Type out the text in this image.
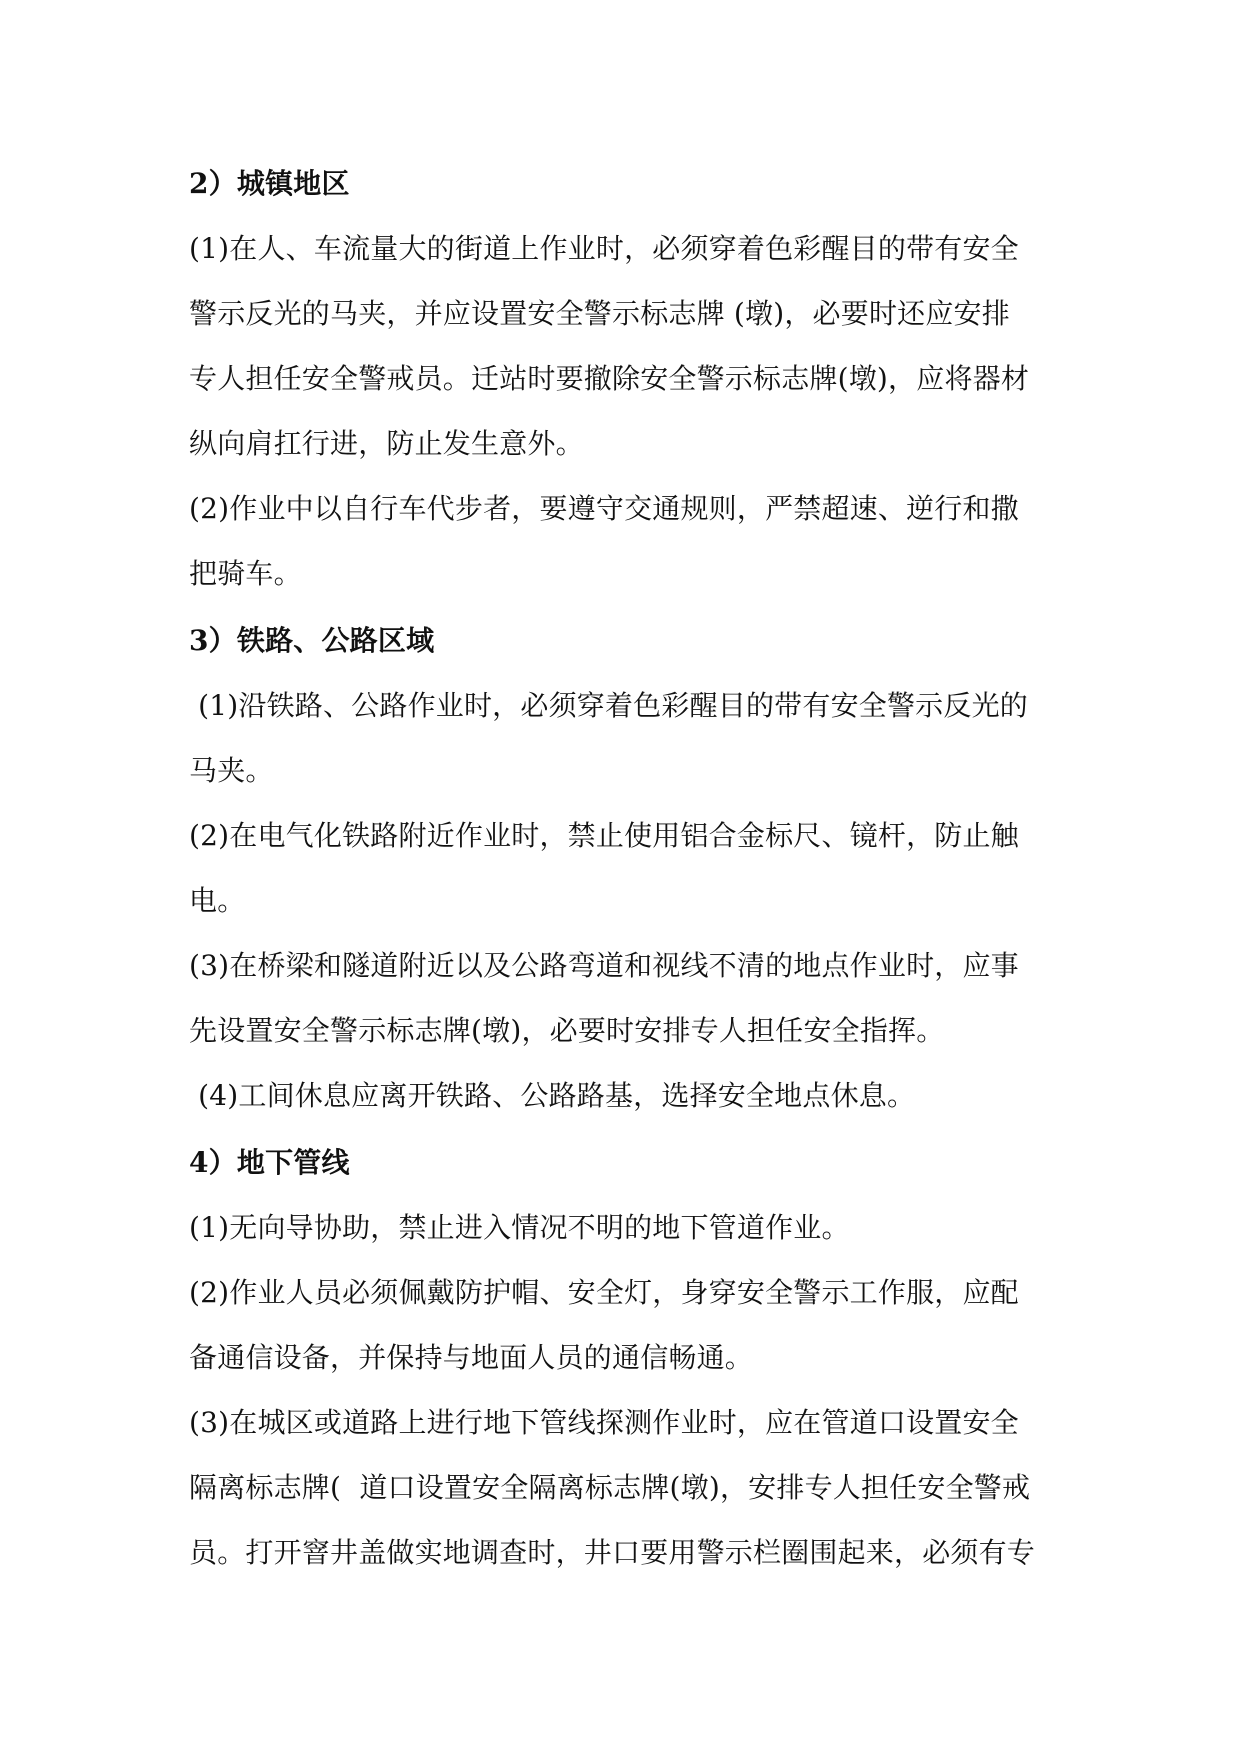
2）城镇地区
(1)在人、车流量大的街道上作业时，必须穿着色彩醒目的带有安全
警示反光的马夹，并应设置安全警示标志牌 (墩)，必要时还应安排
专人担任安全警戒员。迁站时要撤除安全警示标志牌(墩)，应将器材
纵向肩扛行进，防止发生意外。
(2)作业中以自行车代步者，要遵守交通规则，严禁超速、逆行和撒
把骑车。
3）铁路、公路区域
(1)沿铁路、公路作业时，必须穿着色彩醒目的带有安全警示反光的
马夹。
(2)在电气化铁路附近作业时，禁止使用铝合金标尺、镜杆，防止触
电。
(3)在桥梁和隧道附近以及公路弯道和视线不清的地点作业时，应事
先设置安全警示标志牌(墩)，必要时安排专人担任安全指挥。
(4)工间休息应离开铁路、公路路基，选择安全地点休息。
4）地下管线
(1)无向导协助，禁止进入情况不明的地下管道作业。
(2)作业人员必须佩戴防护帽、安全灯，身穿安全警示工作服，应配
备通信设备，并保持与地面人员的通信畅通。
(3)在城区或道路上进行地下管线探测作业时，应在管道口设置安全
隔离标志牌(  道口设置安全隔离标志牌(墩)，安排专人担任安全警戒
员。打开窨井盖做实地调查时，井口要用警示栏圈围起来，必须有专
